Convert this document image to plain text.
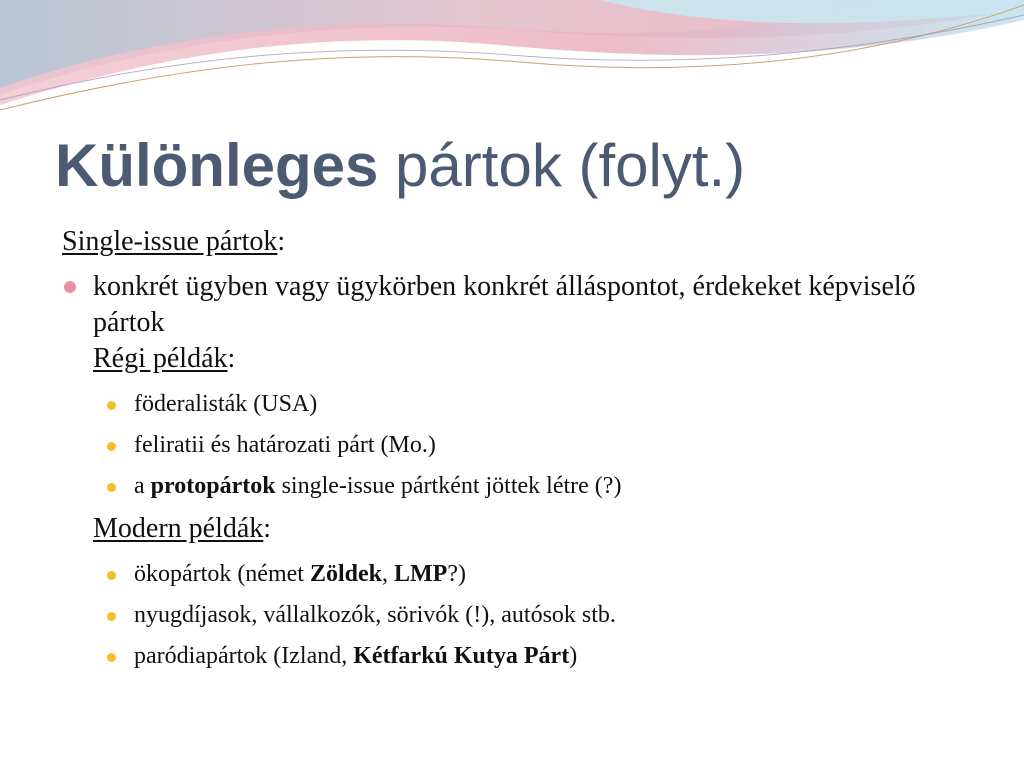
Különleges pártok (folyt.)
Single-issue pártok:
konkrét ügyben vagy ügykörben konkrét álláspontot, érdekeket képviselő pártok
Régi példák:
föderalisták (USA)
feliratii és határozati párt (Mo.)
a protopártok single-issue pártként jöttek létre (?)
Modern példák:
ökopártok (német Zöldek, LMP?)
nyugdíjasok, vállalkozók, sörivók (!), autósok stb.
paródiapártok (Izland, Kétfarkú Kutya Párt)
